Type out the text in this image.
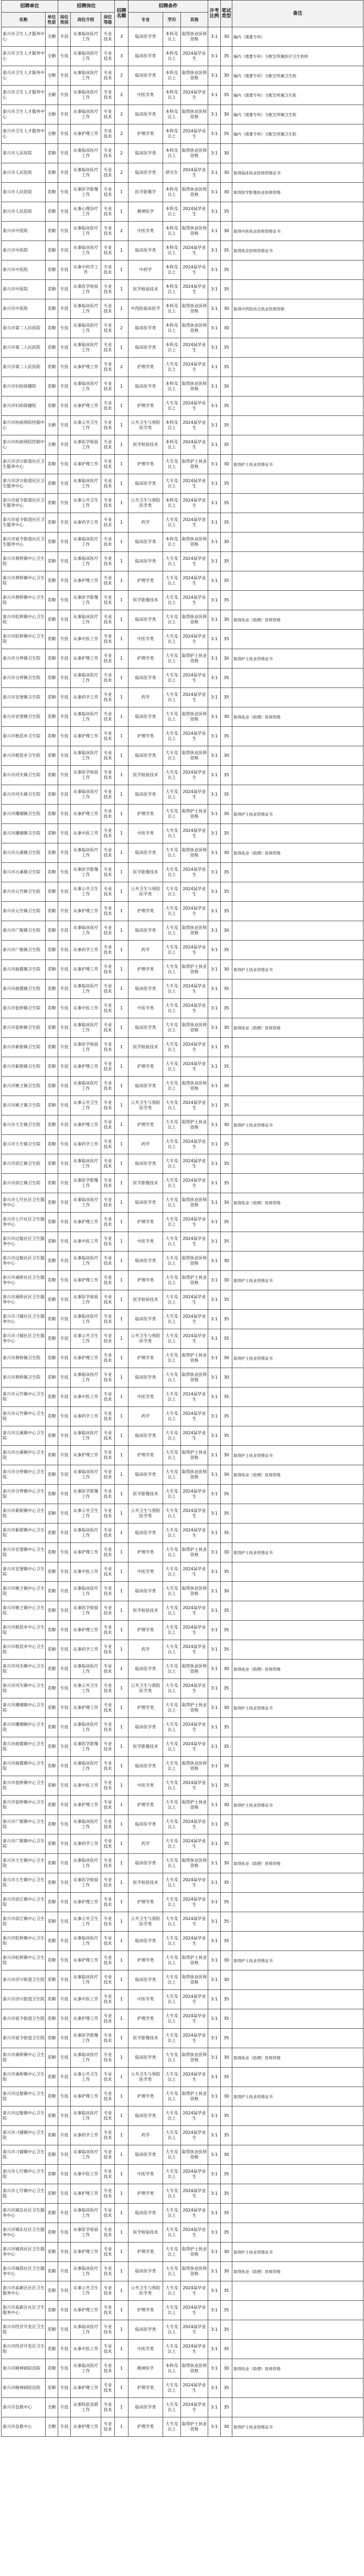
招聘单位		招聘岗位			招聘名额	招聘条件			开考比例	笔试类型	备注
名称	单位性质	岗位类别	岗位介绍	岗位等级		专业	学历	其他			
泰兴市卫生人才服务中心	全额	专技	从事临床医疗工作	专业技术	3	临床医学类	本科及以上	取得执业医师资格	3:1	30	编内（需要专科）
泰兴市卫生人才服务中心	全额	专技	从事临床医疗工作	专业技术	3	临床医学类	本科及以上	2024届毕业生	3:1	35	编内（需要专科）分配至所属医疗卫生机构
泰兴市卫生人才服务中心	全额	专技	从事临床医疗工作	专业技术	2	临床医学类	本科及以上	取得执业医师资格	3:1	30	编内（需要专科）分配至所属卫生院
泰兴市卫生人才服务中心	全额	专技	从事临床医疗工作	专业技术	2	中医学类	本科及以上	2024届毕业生	3:1	35	编内（需要专科）分配至所属卫生院
泰兴市卫生人才服务中心	全额	专技	从事临床医疗工作	专业技术	2	临床医学类	本科及以上	取得执业医师资格	3:1	30	编内（需要专科）分配至所属卫生院
泰兴市卫生人才服务中心	全额	专技	从事护理工作	专业技术	2	护理学类	本科及以上	2024届毕业生	3:1	35	编内（需要专科）分配至所属卫生院
泰兴市人民医院	差额	专技	从事临床医疗工作	专业技术	2	临床医学类	本科及以上	取得执业医师资格	3:1	30	
泰兴市人民医院	差额	专技	从事临床医疗工作	专业技术	2	临床医学类	研究生	2024届毕业生	3:1	30	取得临床执业医师资格证书
泰兴市人民医院	差额	专技	从事医学影像工作	专业技术	1	医学影像学	本科及以上	取得执业医师资格	3:1	30	取得医学影像执业医师资格
泰兴市人民医院	差额	专技	从事心理治疗工作	专业技术	1	精神医学	本科及以上	2024届毕业生	3:1	35	
泰兴市中医院	差额	专技	从事临床医疗工作	专业技术	2	中医学类	本科及以上	取得执业医师资格	3:1	30	取得中医执业医师资格证书
泰兴市中医院	差额	专技	从事临床医疗工作	专业技术	1	临床医学类	本科及以上	2024届毕业生	3:1	35	取得执业医师资格证书
泰兴市中医院	差额	专技	从事中药学工作	专业技术	1	中药学	本科及以上	2024届毕业生	3:1	35	
泰兴市中医院	差额	专技	从事医学检验工作	专业技术	1	医学检验技术	本科及以上	2024届毕业生	3:1	35	
泰兴市中医院	差额	专技	从事临床医疗工作	专业技术	1	中西医临床医学	本科及以上	取得执业医师资格	3:1	30	取得中西医结合执业医师资格
泰兴市第二人民医院	差额	专技	从事临床医疗工作	专业技术	2	临床医学类	本科及以上	取得执业医师资格	3:1	30	
泰兴市第二人民医院	差额	专技	从事临床医疗工作	专业技术	1	临床医学类	本科及以上	2024届毕业生	3:1	35	
泰兴市第二人民医院	差额	专技	从事护理工作	专业技术	2	护理学类	大专及以上	2024届毕业生	3:1	35	
泰兴市妇幼保健院	差额	专技	从事临床医疗工作	专业技术	1	临床医学类	本科及以上	取得执业医师资格	3:1	30	
泰兴市妇幼保健院	差额	专技	从事护理工作	专业技术	1	护理学类	大专及以上	2024届毕业生	3:1	35	
泰兴市疾病预防控制中心	全额	专技	从事公共卫生工作	专业技术	1	公共卫生与预防医学类	本科及以上	2024届毕业生	3:1	35	
泰兴市疾病预防控制中心	全额	专技	从事医学检验工作	专业技术	1	医学检验技术	本科及以上	2024届毕业生	3:1	35	
泰兴市济川街道社区卫生服务中心	差额	专技	从事护理工作	专业技术	1	护理学类	大专及以上	取得护士执业资格	3:1	30	取得护士执业资格证书
泰兴市济川街道社区卫生服务中心	差额	专技	从事临床医疗工作	专业技术	1	临床医学类	大专及以上	2024届毕业生	3:1	35	
泰兴市延令街道社区卫生服务中心	差额	专技	从事公共卫生工作	专业技术	1	公共卫生与预防医学类	本科及以上	2024届毕业生	3:1	35	
泰兴市延令街道社区卫生服务中心	差额	专技	从事药学工作	专业技术	1	药学	大专及以上	2024届毕业生	3:1	35	
泰兴市延令街道社区卫生服务中心	差额	专技	从事临床医疗工作	专业技术	1	临床医学类	本科及以上	取得执业医师资格	3:1	30	
泰兴市黄桥镇中心卫生院	差额	专技	从事临床医疗工作	专业技术	1	临床医学类	大专及以上	2024届毕业生	3:1	35	
泰兴市黄桥镇中心卫生院	差额	专技	从事护理工作	专业技术	1	护理学类	大专及以上	2024届毕业生	3:1	35	
泰兴市黄桥镇中心卫生院	差额	专技	从事医学影像工作	专业技术	1	医学影像技术	大专及以上	2024届毕业生	3:1	35	
泰兴市虹桥镇中心卫生院	差额	专技	从事临床医疗工作	专业技术	1	临床医学类	大专及以上	取得执业医师资格	3:1	30	取得执业（助理）医师资格
泰兴市虹桥镇中心卫生院	差额	专技	从事中医工作	专业技术	1	中医学类	大专及以上	2024届毕业生	3:1	35	
泰兴市分界镇卫生院	差额	专技	从事护理工作	专业技术	1	护理学类	大专及以上	取得护士执业资格	3:1	30	取得护士执业资格证书
泰兴市分界镇卫生院	差额	专技	从事临床医疗工作	专业技术	1	临床医学类	大专及以上	2024届毕业生	3:1	35	
泰兴市宣堡镇卫生院	差额	专技	从事药学工作	专业技术	1	药学	大专及以上	2024届毕业生	3:1	35	
泰兴市宣堡镇卫生院	差额	专技	从事临床医疗工作	专业技术	1	临床医学类	大专及以上	取得执业医师资格	3:1	30	取得执业（助理）医师资格
泰兴市根思乡卫生院	差额	专技	从事护理工作	专业技术	1	护理学类	大专及以上	2024届毕业生	3:1	35	
泰兴市根思乡卫生院	差额	专技	从事临床医疗工作	专业技术	1	临床医学类	大专及以上	取得执业医师资格	3:1	30	
泰兴市河失镇卫生院	差额	专技	从事医学检验工作	专业技术	1	医学检验技术	大专及以上	2024届毕业生	3:1	35	
泰兴市河失镇卫生院	差额	专技	从事临床医疗工作	专业技术	1	临床医学类	大专及以上	2024届毕业生	3:1	35	
泰兴市珊瑚镇卫生院	差额	专技	从事护理工作	专业技术	1	护理学类	大专及以上	取得护士执业资格	3:1	30	取得护士执业资格证书
泰兴市珊瑚镇卫生院	差额	专技	从事中医工作	专业技术	1	中医学类	大专及以上	2024届毕业生	3:1	35	
泰兴市古溪镇卫生院	差额	专技	从事临床医疗工作	专业技术	1	临床医学类	大专及以上	取得执业医师资格	3:1	30	取得执业（助理）医师资格
泰兴市古溪镇卫生院	差额	专技	从事医学影像工作	专业技术	1	医学影像技术	大专及以上	2024届毕业生	3:1	35	
泰兴市元竹镇卫生院	差额	专技	从事公共卫生工作	专业技术	1	公共卫生与预防医学类	大专及以上	2024届毕业生	3:1	35	
泰兴市元竹镇卫生院	差额	专技	从事护理工作	专业技术	1	护理学类	大专及以上	2024届毕业生	3:1	35	
泰兴市广陵镇卫生院	差额	专技	从事临床医疗工作	专业技术	1	临床医学类	大专及以上	取得执业医师资格	3:1	30	
泰兴市广陵镇卫生院	差额	专技	从事药学工作	专业技术	1	药学	大专及以上	2024届毕业生	3:1	35	
泰兴市曲霞镇卫生院	差额	专技	从事护理工作	专业技术	1	护理学类	大专及以上	取得护士执业资格	3:1	30	取得护士执业资格证书
泰兴市曲霞镇卫生院	差额	专技	从事临床医疗工作	专业技术	1	临床医学类	大专及以上	2024届毕业生	3:1	35	
泰兴市张桥镇卫生院	差额	专技	从事中医工作	专业技术	1	中医学类	大专及以上	2024届毕业生	3:1	35	
泰兴市张桥镇卫生院	差额	专技	从事临床医疗工作	专业技术	1	临床医学类	大专及以上	取得执业医师资格	3:1	30	取得执业（助理）医师资格
泰兴市新街镇卫生院	差额	专技	从事医学检验工作	专业技术	1	医学检验技术	大专及以上	2024届毕业生	3:1	35	
泰兴市新街镇卫生院	差额	专技	从事护理工作	专业技术	1	护理学类	大专及以上	2024届毕业生	3:1	35	
泰兴市姚王镇卫生院	差额	专技	从事临床医疗工作	专业技术	1	临床医学类	大专及以上	取得执业医师资格	3:1	30	
泰兴市姚王镇卫生院	差额	专技	从事公共卫生工作	专业技术	1	公共卫生与预防医学类	大专及以上	2024届毕业生	3:1	35	
泰兴市大生镇卫生院	差额	专技	从事护理工作	专业技术	1	护理学类	大专及以上	取得护士执业资格	3:1	30	取得护士执业资格证书
泰兴市大生镇卫生院	差额	专技	从事药学工作	专业技术	1	药学	大专及以上	2024届毕业生	3:1	35	
泰兴市滨江镇卫生院	差额	专技	从事临床医疗工作	专业技术	1	临床医学类	大专及以上	2024届毕业生	3:1	35	
泰兴市滨江镇卫生院	差额	专技	从事医学影像工作	专业技术	1	医学影像技术	大专及以上	2024届毕业生	3:1	35	
泰兴市七圩社区卫生服务中心	差额	专技	从事临床医疗工作	专业技术	1	临床医学类	大专及以上	取得执业医师资格	3:1	30	取得执业（助理）医师资格
泰兴市七圩社区卫生服务中心	差额	专技	从事护理工作	专业技术	1	护理学类	大专及以上	2024届毕业生	3:1	35	
泰兴市过船社区卫生服务中心	差额	专技	从事中医工作	专业技术	1	中医学类	大专及以上	2024届毕业生	3:1	35	
泰兴市过船社区卫生服务中心	差额	专技	从事临床医疗工作	专业技术	1	临床医学类	大专及以上	取得执业医师资格	3:1	30	
泰兴市溪桥社区卫生服务中心	差额	专技	从事护理工作	专业技术	1	护理学类	大专及以上	取得护士执业资格	3:1	30	取得护士执业资格证书
泰兴市溪桥社区卫生服务中心	差额	专技	从事医学检验工作	专业技术	1	医学检验技术	大专及以上	2024届毕业生	3:1	35	
泰兴市刁铺社区卫生服务中心	差额	专技	从事临床医疗工作	专业技术	1	临床医学类	大专及以上	2024届毕业生	3:1	35	
泰兴市刁铺社区卫生服务中心	差额	专技	从事公共卫生工作	专业技术	1	公共卫生与预防医学类	大专及以上	2024届毕业生	3:1	35	
泰兴市黄桥镇卫生院	差额	专技	从事护理工作	专业技术	1	护理学类	大专及以上	取得护士执业资格	3:1	30	取得护士执业资格证书
泰兴市黄桥镇卫生院	差额	专技	从事临床医疗工作	专业技术	1	临床医学类	大专及以上	取得执业医师资格	3:1	30	
泰兴市元竹镇中心卫生院	差额	专技	从事中医工作	专业技术	1	中医学类	大专及以上	2024届毕业生	3:1	35	
泰兴市元竹镇中心卫生院	差额	专技	从事药学工作	专业技术	1	药学	大专及以上	2024届毕业生	3:1	35	
泰兴市古溪镇中心卫生院	差额	专技	从事临床医疗工作	专业技术	1	临床医学类	大专及以上	2024届毕业生	3:1	35	
泰兴市古溪镇中心卫生院	差额	专技	从事护理工作	专业技术	1	护理学类	大专及以上	取得护士执业资格	3:1	30	取得护士执业资格证书
泰兴市分界镇中心卫生院	差额	专技	从事临床医疗工作	专业技术	1	临床医学类	大专及以上	取得执业医师资格	3:1	30	取得执业（助理）医师资格
泰兴市分界镇中心卫生院	差额	专技	从事医学影像工作	专业技术	1	医学影像技术	大专及以上	2024届毕业生	3:1	35	
泰兴市新街镇中心卫生院	差额	专技	从事公共卫生工作	专业技术	1	公共卫生与预防医学类	大专及以上	2024届毕业生	3:1	35	
泰兴市新街镇中心卫生院	差额	专技	从事临床医疗工作	专业技术	1	临床医学类	大专及以上	2024届毕业生	3:1	35	
泰兴市宣堡镇中心卫生院	差额	专技	从事护理工作	专业技术	1	护理学类	大专及以上	取得护士执业资格	3:1	30	取得护士执业资格证书
泰兴市宣堡镇中心卫生院	差额	专技	从事中医工作	专业技术	1	中医学类	大专及以上	2024届毕业生	3:1	35	
泰兴市姚王镇中心卫生院	差额	专技	从事临床医疗工作	专业技术	1	临床医学类	大专及以上	取得执业医师资格	3:1	30	
泰兴市姚王镇中心卫生院	差额	专技	从事医学检验工作	专业技术	1	医学检验技术	大专及以上	2024届毕业生	3:1	35	
泰兴市根思乡中心卫生院	差额	专技	从事护理工作	专业技术	1	护理学类	大专及以上	2024届毕业生	3:1	35	
泰兴市根思乡中心卫生院	差额	专技	从事药学工作	专业技术	1	药学	大专及以上	2024届毕业生	3:1	35	
泰兴市河失镇中心卫生院	差额	专技	从事临床医疗工作	专业技术	1	临床医学类	大专及以上	取得执业医师资格	3:1	30	取得执业（助理）医师资格
泰兴市河失镇中心卫生院	差额	专技	从事公共卫生工作	专业技术	1	公共卫生与预防医学类	大专及以上	2024届毕业生	3:1	35	
泰兴市珊瑚镇中心卫生院	差额	专技	从事护理工作	专业技术	1	护理学类	大专及以上	取得护士执业资格	3:1	30	取得护士执业资格证书
泰兴市珊瑚镇中心卫生院	差额	专技	从事临床医疗工作	专业技术	1	临床医学类	大专及以上	2024届毕业生	3:1	35	
泰兴市曲霞镇中心卫生院	差额	专技	从事医学影像工作	专业技术	1	医学影像技术	大专及以上	2024届毕业生	3:1	35	
泰兴市曲霞镇中心卫生院	差额	专技	从事临床医疗工作	专业技术	1	临床医学类	大专及以上	取得执业医师资格	3:1	30	
泰兴市张桥镇中心卫生院	差额	专技	从事中医工作	专业技术	1	中医学类	大专及以上	2024届毕业生	3:1	35	
泰兴市张桥镇中心卫生院	差额	专技	从事护理工作	专业技术	1	护理学类	大专及以上	取得护士执业资格	3:1	30	取得护士执业资格证书
泰兴市广陵镇中心卫生院	差额	专技	从事临床医疗工作	专业技术	1	临床医学类	大专及以上	2024届毕业生	3:1	35	
泰兴市广陵镇中心卫生院	差额	专技	从事药学工作	专业技术	1	药学	大专及以上	2024届毕业生	3:1	35	
泰兴市大生镇中心卫生院	差额	专技	从事临床医疗工作	专业技术	1	临床医学类	大专及以上	取得执业医师资格	3:1	30	取得执业（助理）医师资格
泰兴市大生镇中心卫生院	差额	专技	从事医学检验工作	专业技术	1	医学检验技术	大专及以上	2024届毕业生	3:1	35	
泰兴市滨江镇中心卫生院	差额	专技	从事护理工作	专业技术	1	护理学类	大专及以上	2024届毕业生	3:1	35	
泰兴市滨江镇中心卫生院	差额	专技	从事公共卫生工作	专业技术	1	公共卫生与预防医学类	大专及以上	2024届毕业生	3:1	35	
泰兴市虹桥镇中心卫生院	差额	专技	从事临床医疗工作	专业技术	1	临床医学类	大专及以上	2024届毕业生	3:1	35	
泰兴市虹桥镇中心卫生院	差额	专技	从事护理工作	专业技术	1	护理学类	大专及以上	取得护士执业资格	3:1	30	取得护士执业资格证书
泰兴市济川街道卫生院	差额	专技	从事临床医疗工作	专业技术	1	临床医学类	大专及以上	取得执业医师资格	3:1	30	
泰兴市济川街道卫生院	差额	专技	从事中医工作	专业技术	1	中医学类	大专及以上	2024届毕业生	3:1	35	
泰兴市延令街道卫生院	差额	专技	从事护理工作	专业技术	1	护理学类	大专及以上	2024届毕业生	3:1	35	
泰兴市延令街道卫生院	差额	专技	从事医学影像工作	专业技术	1	医学影像技术	大专及以上	2024届毕业生	3:1	35	
泰兴市溪桥镇中心卫生院	差额	专技	从事临床医疗工作	专业技术	1	临床医学类	大专及以上	取得执业医师资格	3:1	30	取得执业（助理）医师资格
泰兴市溪桥镇中心卫生院	差额	专技	从事公共卫生工作	专业技术	1	公共卫生与预防医学类	大专及以上	2024届毕业生	3:1	35	
泰兴市过船镇中心卫生院	差额	专技	从事护理工作	专业技术	1	护理学类	大专及以上	取得护士执业资格	3:1	30	取得护士执业资格证书
泰兴市过船镇中心卫生院	差额	专技	从事临床医疗工作	专业技术	1	临床医学类	大专及以上	2024届毕业生	3:1	35	
泰兴市刁铺镇中心卫生院	差额	专技	从事药学工作	专业技术	1	药学	大专及以上	2024届毕业生	3:1	35	
泰兴市刁铺镇中心卫生院	差额	专技	从事临床医疗工作	专业技术	1	临床医学类	大专及以上	取得执业医师资格	3:1	30	
泰兴市七圩镇中心卫生院	差额	专技	从事中医工作	专业技术	1	中医学类	大专及以上	2024届毕业生	3:1	35	
泰兴市七圩镇中心卫生院	差额	专技	从事护理工作	专业技术	1	护理学类	大专及以上	2024届毕业生	3:1	35	
泰兴市城东社区卫生服务中心	差额	专技	从事临床医疗工作	专业技术	1	临床医学类	大专及以上	2024届毕业生	3:1	35	
泰兴市城东社区卫生服务中心	差额	专技	从事医学检验工作	专业技术	1	医学检验技术	大专及以上	2024届毕业生	3:1	35	
泰兴市城西社区卫生服务中心	差额	专技	从事护理工作	专业技术	1	护理学类	大专及以上	取得护士执业资格	3:1	30	取得护士执业资格证书
泰兴市城西社区卫生服务中心	差额	专技	从事临床医疗工作	专业技术	1	临床医学类	大专及以上	取得执业医师资格	3:1	30	取得执业（助理）医师资格
泰兴市高新区社区卫生服务中心	差额	专技	从事公共卫生工作	专业技术	1	公共卫生与预防医学类	大专及以上	2024届毕业生	3:1	35	
泰兴市高新区社区卫生服务中心	差额	专技	从事护理工作	专业技术	1	护理学类	大专及以上	2024届毕业生	3:1	35	
泰兴市经济开发区卫生院	差额	专技	从事临床医疗工作	专业技术	1	临床医学类	大专及以上	2024届毕业生	3:1	35	
泰兴市经济开发区卫生院	差额	专技	从事中医工作	专业技术	1	中医学类	大专及以上	2024届毕业生	3:1	35	
泰兴市精神病防治院	差额	专技	从事临床医疗工作	专业技术	1	精神医学	本科及以上	取得执业医师资格	3:1	30	取得执业（助理）医师资格
泰兴市精神病防治院	差额	专技	从事护理工作	专业技术	1	护理学类	大专及以上	2024届毕业生	3:1	35	
泰兴市急救中心	全额	专技	从事院前急救工作	专业技术	1	临床医学类	大专及以上	2024届毕业生	3:1	35	
泰兴市急救中心	全额	专技	从事护理工作	专业技术	1	护理学类	大专及以上	取得护士执业资格	3:1	30	取得护士执业资格证书
